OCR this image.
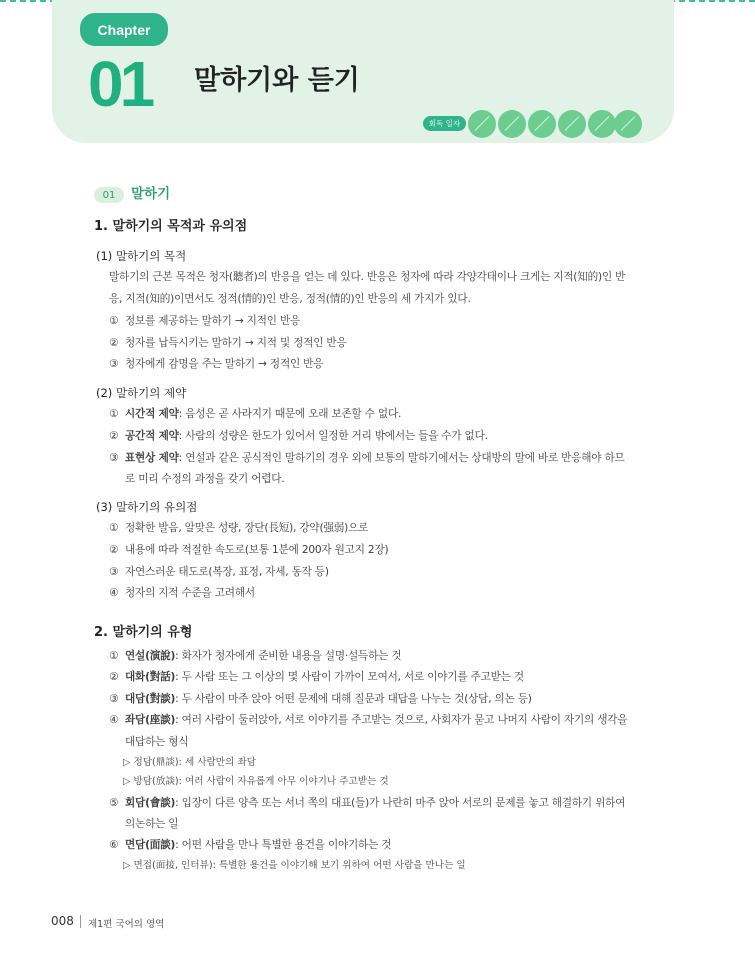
Chapter
01 말하기와 듣기
회독 일자
01	말하기
1. 말하기의 목적과 유의점
(1) 말하기의 목적
말하기의 근본 목적은 청자(聽者)의 반응을 얻는 데 있다. 반응은 청자에 따라 각양각태이나 크게는 지적(知的)인 반
응, 지적(知的)이면서도 정적(情的)인 반응, 정적(情的)인 반응의 세 가지가 있다.
① 정보를 제공하는 말하기 → 지적인 반응
② 청자를 납득시키는 말하기 → 지적 및 정적인 반응
③ 청자에게 감명을 주는 말하기 → 정적인 반응
(2) 말하기의 제약
① 시간적 제약: 음성은 곧 사라지기 때문에 오래 보존할 수 없다.
② 공간적 제약: 사람의 성량은 한도가 있어서 일정한 거리 밖에서는 들을 수가 없다.
③ 표현상 제약: 연설과 같은 공식적인 말하기의 경우 외에 보통의 말하기에서는 상대방의 말에 바로 반응해야 하므
로 미리 수정의 과정을 갖기 어렵다.
(3) 말하기의 유의점
① 정확한 발음, 알맞은 성량, 장단(長短), 강약(强弱)으로
② 내용에 따라 적절한 속도로(보통 1분에 200자 원고지 2장)
③ 자연스러운 태도로(복장, 표정, 자세, 동작 등)
④ 청자의 지적 수준을 고려해서
2. 말하기의 유형
① 연설(演說): 화자가 청자에게 준비한 내용을 설명·설득하는 것
② 대화(對話): 두 사람 또는 그 이상의 몇 사람이 가까이 모여서, 서로 이야기를 주고받는 것
③ 대담(對談): 두 사람이 마주 앉아 어떤 문제에 대해 질문과 대답을 나누는 것(상담, 의논 등)
④ 좌담(座談): 여러 사람이 둘러앉아, 서로 이야기를 주고받는 것으로, 사회자가 묻고 나머지 사람이 자기의 생각을
대답하는 형식
▷ 정담(鼎談): 세 사람만의 좌담
▷ 방담(放談): 여러 사람이 자유롭게 아무 이야기나 주고받는 것
⑤ 회담(會談): 입장이 다른 양측 또는 서너 쪽의 대표(들)가 나란히 마주 앉아 서로의 문제를 놓고 해결하기 위하여
의논하는 일
⑥ 면담(面談): 어떤 사람을 만나 특별한 용건을 이야기하는 것
▷ 면접(面接, 인터뷰): 특별한 용건을 이야기해 보기 위하여 어떤 사람을 만나는 일
008 제1편 국어의 영역
